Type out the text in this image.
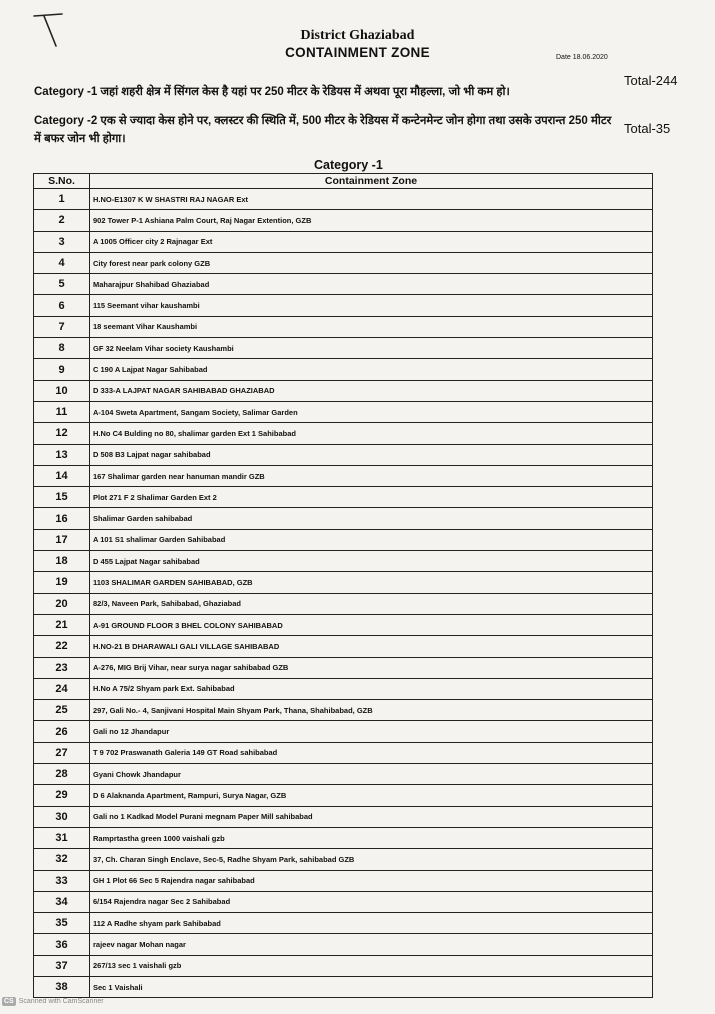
District Ghaziabad
CONTAINMENT ZONE	Date 18.06.2020
Total-244
Total-35
Category -1 जहां शहरी क्षेत्र में सिंगल केस है यहां पर 250 मीटर के रेडियस में अथवा पूरा मौहल्ला, जो भी कम हो।
Category -2 एक से ज्यादा केस होने पर, क्लस्टर की स्थिति में, 500 मीटर के रेडियस में कन्टेनमेन्ट जोन होगा तथा उसके उपरान्त 250 मीटर में बफर जोन भी होगा।
Category -1
S.No.	Containment Zone
1	H.NO-E1307 K W SHASTRI RAJ NAGAR Ext
2	902 Tower P-1 Ashiana Palm Court, Raj Nagar Extention, GZB
3	A 1005 Officer city 2 Rajnagar Ext
4	City forest near park colony GZB
5	Maharajpur Shahibad Ghaziabad
6	115 Seemant vihar kaushambi
7	18 seemant Vihar Kaushambi
8	GF 32 Neelam Vihar society Kaushambi
9	C 190 A Lajpat Nagar Sahibabad
10	D 333-A LAJPAT NAGAR SAHIBABAD GHAZIABAD
11	A-104 Sweta Apartment, Sangam Society, Salimar Garden
12	H.No C4 Bulding no 80, shalimar garden Ext 1 Sahibabad
13	D 508 B3 Lajpat nagar sahibabad
14	167 Shalimar garden near hanuman mandir GZB
15	Plot 271 F 2 Shalimar Garden Ext 2
16	Shalimar Garden sahibabad
17	A 101 S1 shalimar Garden Sahibabad
18	D 455 Lajpat Nagar sahibabad
19	1103 SHALIMAR GARDEN SAHIBABAD, GZB
20	82/3, Naveen Park, Sahibabad, Ghaziabad
21	A-91 GROUND FLOOR 3 BHEL COLONY SAHIBABAD
22	H.NO-21 B DHARAWALI GALI VILLAGE SAHIBABAD
23	A-276, MIG Brij Vihar, near surya nagar sahibabad GZB
24	H.No A 75/2 Shyam park Ext. Sahibabad
25	297, Gali No.- 4, Sanjivani Hospital Main Shyam Park, Thana, Shahibabad, GZB
26	Gali no 12 Jhandapur
27	T 9 702 Praswanath Galeria 149 GT Road sahibabad
28	Gyani Chowk Jhandapur
29	D 6 Alaknanda Apartment, Rampuri, Surya Nagar, GZB
30	Gali no 1 Kadkad Model Purani megnam Paper Mill sahibabad
31	Ramprtastha green 1000 vaishali gzb
32	37, Ch. Charan Singh Enclave, Sec-5, Radhe Shyam Park, sahibabad GZB
33	GH 1 Plot 66 Sec 5 Rajendra nagar sahibabad
34	6/154 Rajendra nagar Sec 2 Sahibabad
35	112 A Radhe shyam park Sahibabad
36	rajeev nagar Mohan nagar
37	267/13 sec 1 vaishali gzb
38	Sec 1 Vaishali
CS Scanned with CamScanner
